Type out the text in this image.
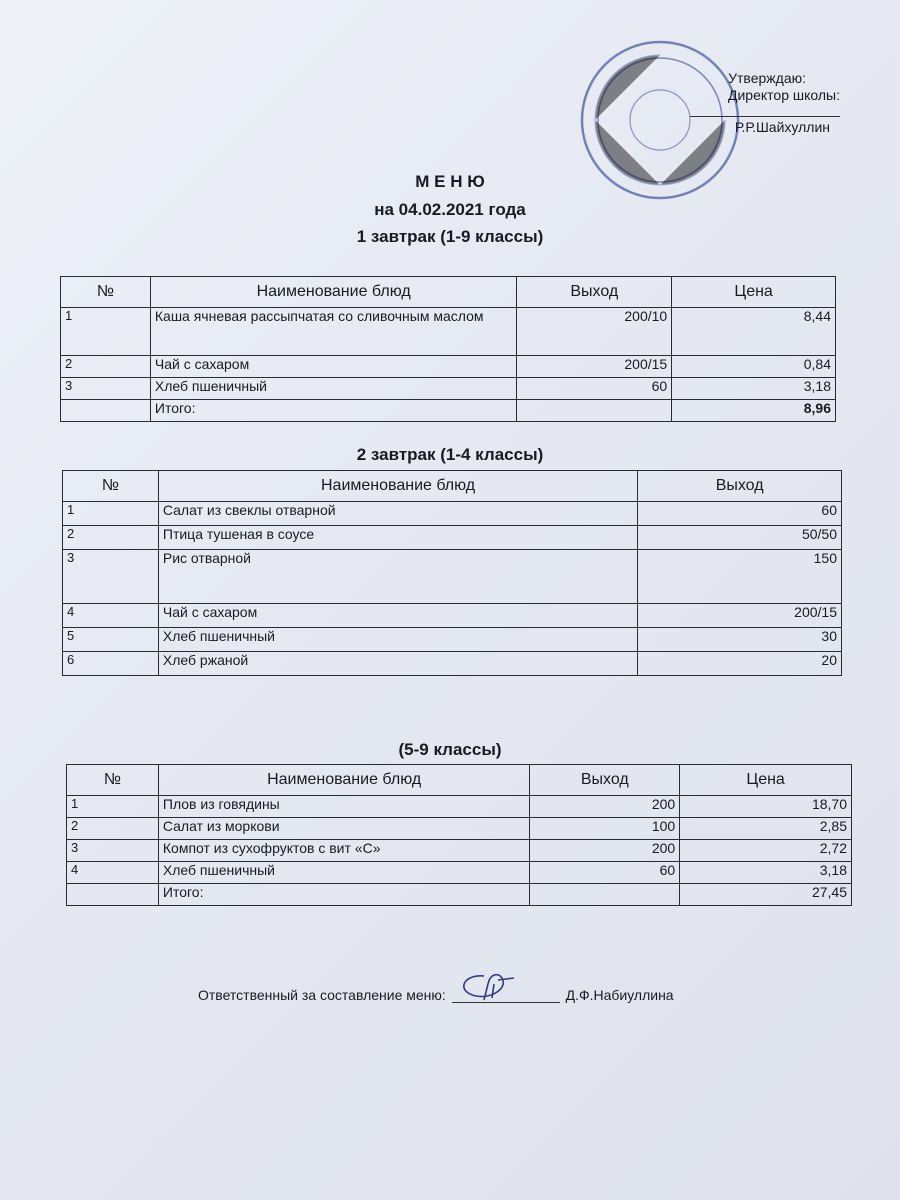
Утверждаю:
Директор школы:
Р.Р.Шайхуллин
М Е Н Ю
на 04.02.2021 года
1 завтрак (1-9 классы)
№	Наименование блюд	Выход	Цена
1	Каша ячневая рассыпчатая со сливочным маслом	200/10	8,44
2	Чай с сахаром	200/15	0,84
3	Хлеб пшеничный	60	3,18
	Итого:		8,96
2 завтрак (1-4 классы)
№	Наименование блюд	Выход
1	Салат из свеклы отварной	60
2	Птица тушеная в соусе	50/50
3	Рис отварной	150
4	Чай с сахаром	200/15
5	Хлеб пшеничный	30
6	Хлеб ржаной	20
(5-9 классы)
№	Наименование блюд	Выход	Цена
1	Плов из говядины	200	18,70
2	Салат из моркови	100	2,85
3	Компот из сухофруктов с вит «С»	200	2,72
4	Хлеб пшеничный	60	3,18
	Итого:		27,45
Ответственный за составление меню:	Д.Ф.Набиуллина
